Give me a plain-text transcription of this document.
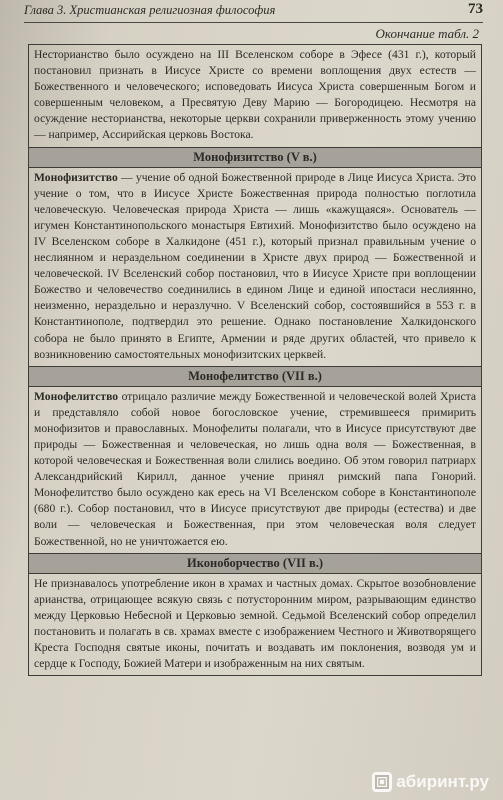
Глава 3. Христианская религиозная философия	73
Окончание табл. 2
Несторианство было осуждено на III Вселенском соборе в Эфесе (431 г.), который постановил признать в Иисусе Христе со времени воплощения двух естеств — Божественного и человеческого; исповедовать Иисуса Христа совершенным Богом и совершенным человеком, а Пресвятую Деву Марию — Богородицею. Несмотря на осуждение несторианства, некоторые церкви сохранили приверженность этому учению — например, Ассирийская церковь Востока.
Монофизитство (V в.)
Монофизитство — учение об одной Божественной природе в Лице Иисуса Христа. Это учение о том, что в Иисусе Христе Божественная природа полностью поглотила человеческую. Человеческая природа Христа — лишь «кажущаяся». Основатель — игумен Константинопольского монастыря Евтихий. Монофизитство было осуждено на IV Вселенском соборе в Халкидоне (451 г.), который признал правильным учение о неслиянном и нераздельном соединении в Христе двух природ — Божественной и человеческой. IV Вселенский собор постановил, что в Иисусе Христе при воплощении Божество и человечество соединились в едином Лице и единой ипостаси неслиянно, неизменно, нераздельно и неразлучно. V Вселенский собор, состоявшийся в 553 г. в Константинополе, подтвердил это решение. Однако постановление Халкидонского собора не было принято в Египте, Армении и ряде других областей, что привело к возникновению самостоятельных монофизитских церквей.
Монофелитство (VII в.)
Монофелитство отрицало различие между Божественной и человеческой волей Христа и представляло собой новое богословское учение, стремившееся примирить монофизитов и православных. Монофелиты полагали, что в Иисусе присутствуют две природы — Божественная и человеческая, но лишь одна воля — Божественная, в которой человеческая и Божественная воли слились воедино. Об этом говорил патриарх Александрийский Кирилл, данное учение принял римский папа Гонорий. Монофелитство было осуждено как ересь на VI Вселенском соборе в Константинополе (680 г.). Собор постановил, что в Иисусе присутствуют две природы (естества) и две воли — человеческая и Божественная, при этом человеческая воля следует Божественной, но не уничтожается ею.
Иконоборчество (VII в.)
Не признавалось употребление икон в храмах и частных домах. Скрытое возобновление арианства, отрицающее всякую связь с потусторонним миром, разрывающим единство между Церковью Небесной и Церковью земной. Седьмой Вселенский собор определил постановить и полагать в св. храмах вместе с изображением Честного и Животворящего Креста Господня святые иконы, почитать и воздавать им поклонения, возводя ум и сердце к Господу, Божией Матери и изображенным на них святым.
абиринт.ру
